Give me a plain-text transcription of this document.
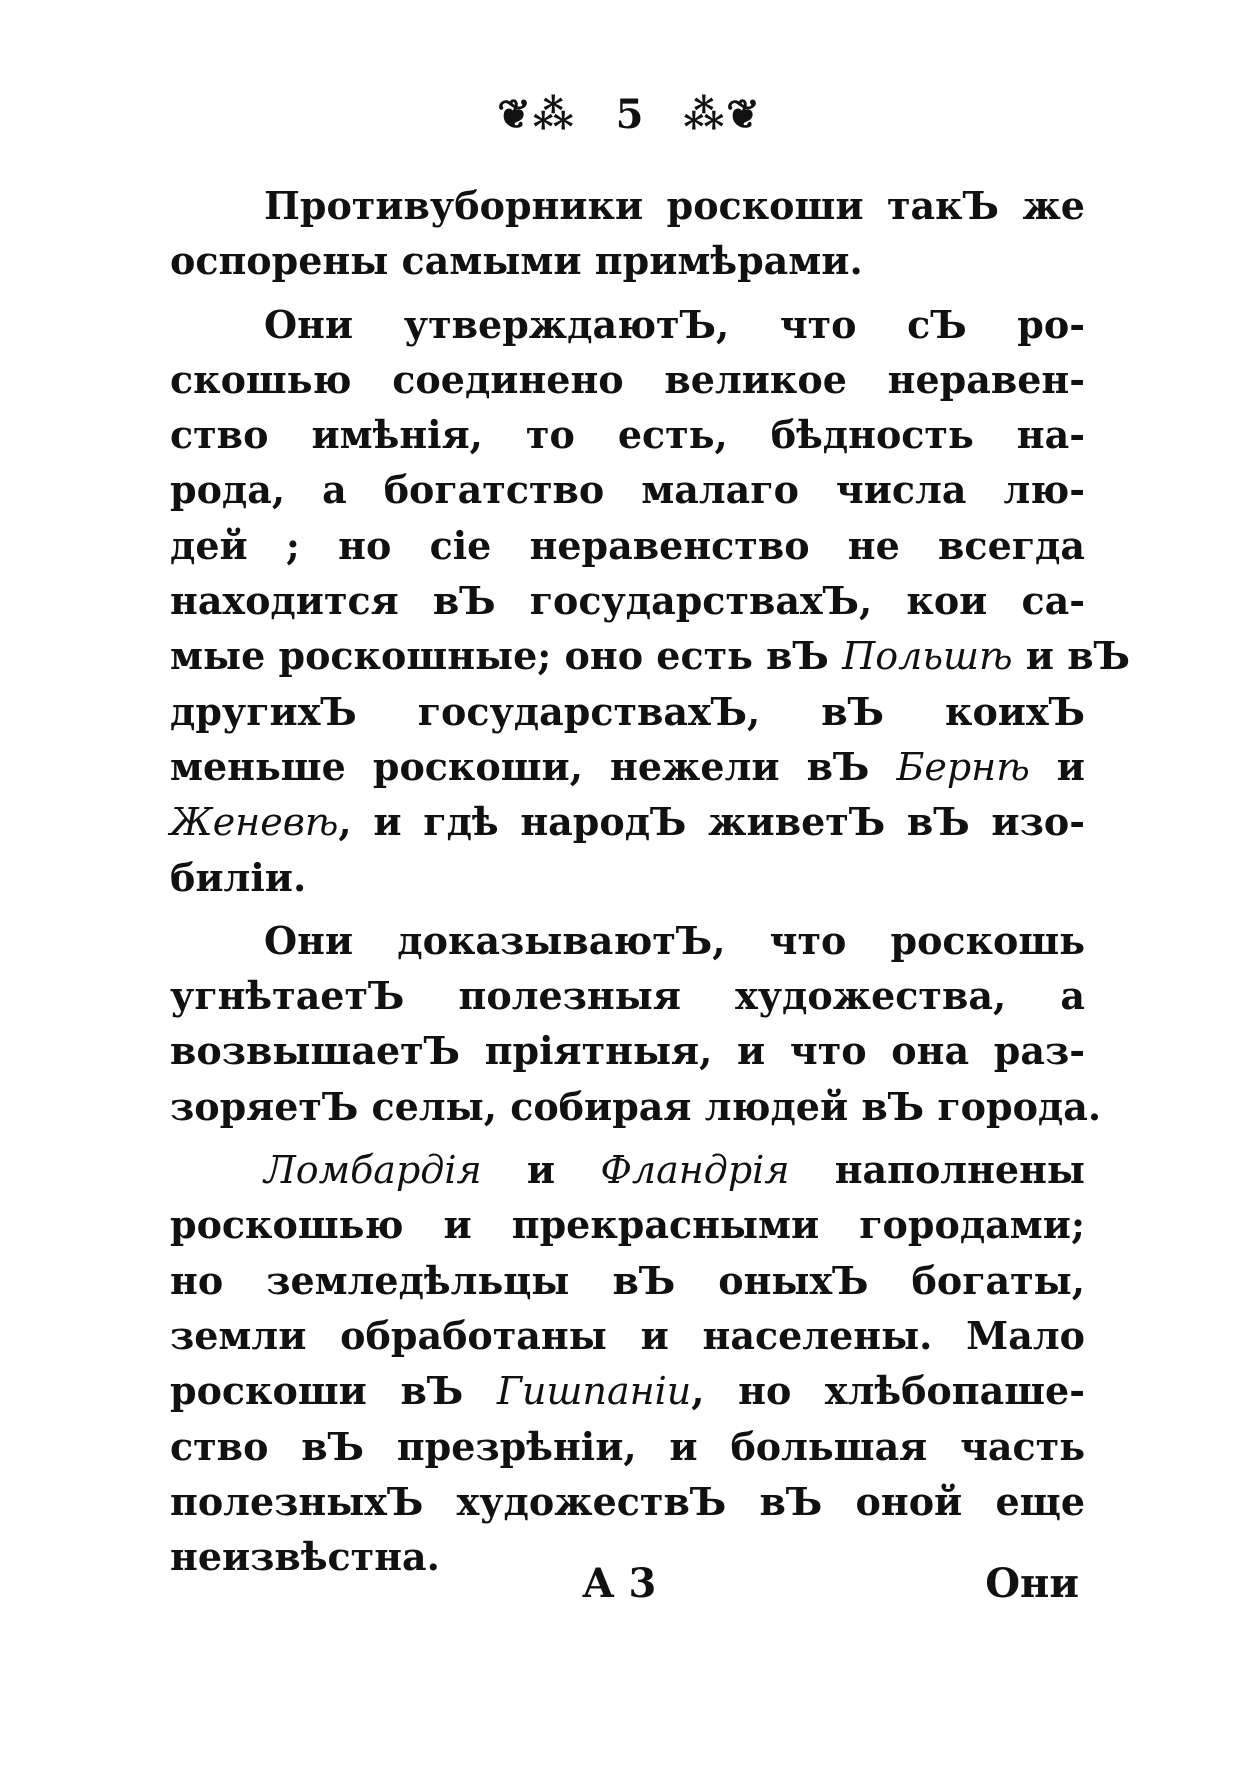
❦⁂ 5 ⁂❦
Противуборники роскоши такЪ же
оспорены самыми примѣрами.
Они утверждаютЪ, что сЪ ро-
скошью соединено великое неравен-
ство имѣнія, то есть, бѣдность на-
рода, а богатство малаго числа лю-
дей ; но сіе неравенство не всегда
находится вЪ государствахЪ, кои са-
мые роскошные; оно есть вЪ Польшѣ и вЪ
другихЪ государствахЪ, вЪ коихЪ
меньше роскоши, нежели вЪ Бернѣ и
Женевѣ, и гдѣ народЪ живетЪ вЪ изо-
биліи.
Они доказываютЪ, что роскошь
угнѣтаетЪ полезныя художества, а
возвышаетЪ пріятныя, и что она раз-
зоряетЪ селы, собирая людей вЪ города.
Ломбардія и Фландрія наполнены
роскошью и прекрасными городами;
но земледѣльцы вЪ оныхЪ богаты,
земли обработаны и населены. Мало
роскоши вЪ Гишпаніи, но хлѣбопаше-
ство вЪ презрѣніи, и большая часть
полезныхЪ художествЪ вЪ оной еще
неизвѣстна.
А 3	Они
